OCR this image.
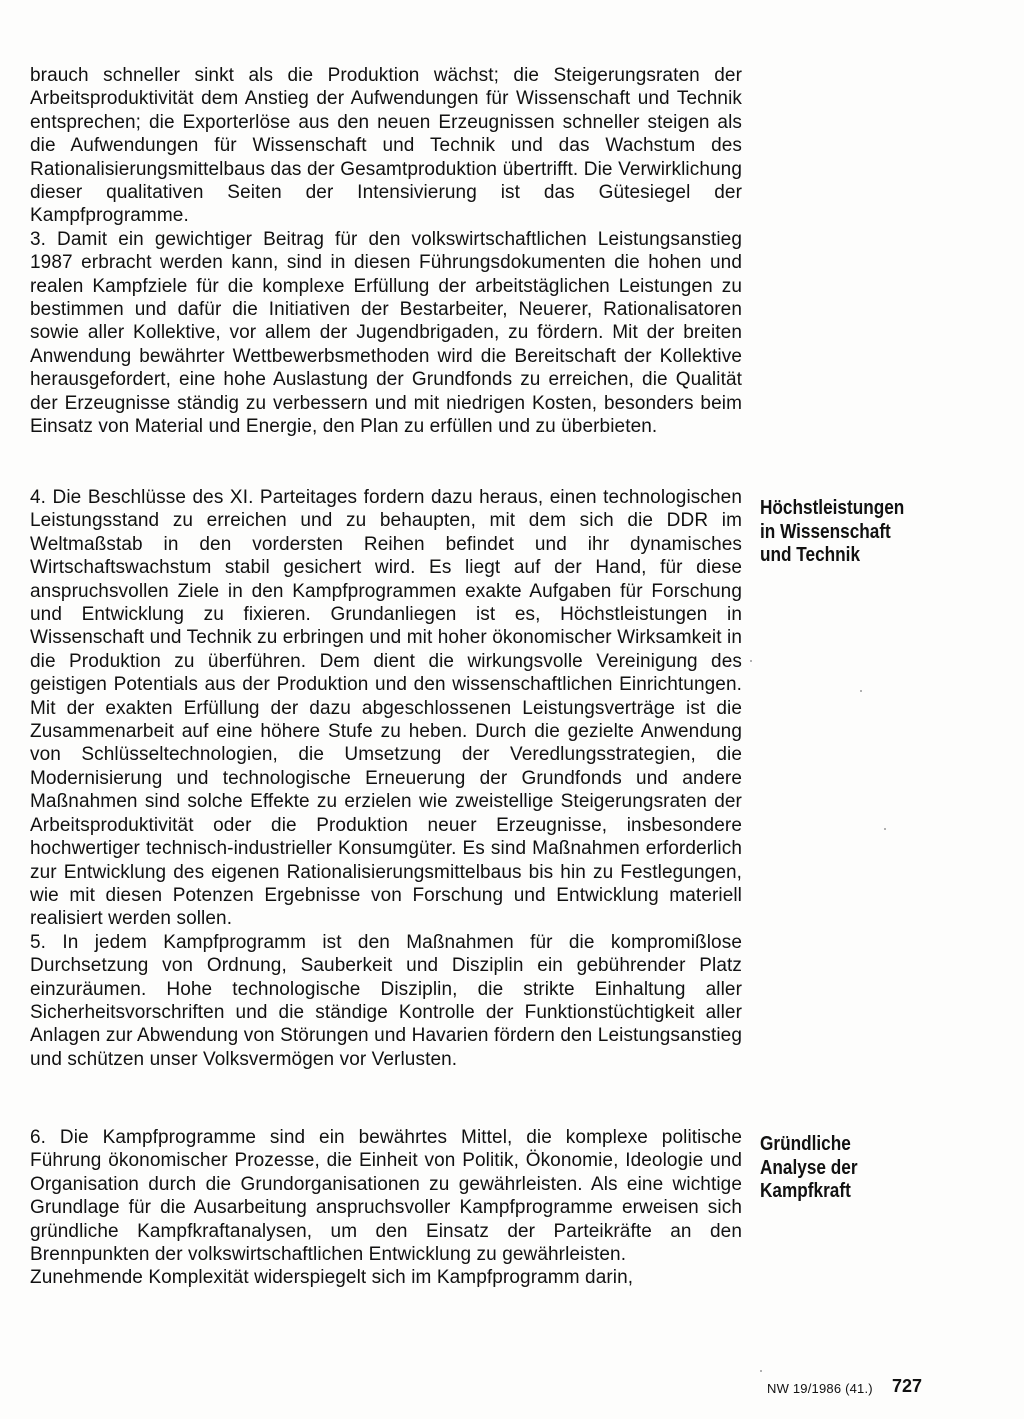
brauch schneller sinkt als die Produktion wächst; die Steigerungsraten der Arbeitsproduktivität dem Anstieg der Aufwendungen für Wissenschaft und Technik entsprechen; die Exporterlöse aus den neuen Erzeugnissen schneller steigen als die Aufwendungen für Wissenschaft und Technik und das Wachstum des Rationalisierungsmittelbaus das der Gesamtproduktion übertrifft. Die Verwirklichung dieser qualitativen Seiten der Intensivierung ist das Gütesiegel der Kampfprogramme.

3. Damit ein gewichtiger Beitrag für den volkswirtschaftlichen Leistungsanstieg 1987 erbracht werden kann, sind in diesen Führungsdokumenten die hohen und realen Kampfziele für die komplexe Erfüllung der arbeitstäglichen Leistungen zu bestimmen und dafür die Initiativen der Bestarbeiter, Neuerer, Rationalisatoren sowie aller Kollektive, vor allem der Jugendbrigaden, zu fördern. Mit der breiten Anwendung bewährter Wettbewerbsmethoden wird die Bereitschaft der Kollektive herausgefordert, eine hohe Auslastung der Grundfonds zu erreichen, die Qualität der Erzeugnisse ständig zu verbessern und mit niedrigen Kosten, besonders beim Einsatz von Material und Energie, den Plan zu erfüllen und zu überbieten.

4. Die Beschlüsse des XI. Parteitages fordern dazu heraus, einen technologischen Leistungsstand zu erreichen und zu behaupten, mit dem sich die DDR im Weltmaßstab in den vordersten Reihen befindet und ihr dynamisches Wirtschaftswachstum stabil gesichert wird. Es liegt auf der Hand, für diese anspruchsvollen Ziele in den Kampfprogrammen exakte Aufgaben für Forschung und Entwicklung zu fixieren. Grundanliegen ist es, Höchstleistungen in Wissenschaft und Technik zu erbringen und mit hoher ökonomischer Wirksamkeit in die Produktion zu überführen. Dem dient die wirkungsvolle Vereinigung des geistigen Potentials aus der Produktion und den wissenschaftlichen Einrichtungen. Mit der exakten Erfüllung der dazu abgeschlossenen Leistungsverträge ist die Zusammenarbeit auf eine höhere Stufe zu heben. Durch die gezielte Anwendung von Schlüsseltechnologien, die Umsetzung der Veredlungsstrategien, die Modernisierung und technologische Erneuerung der Grundfonds und andere Maßnahmen sind solche Effekte zu erzielen wie zweistellige Steigerungsraten der Arbeitsproduktivität oder die Produktion neuer Erzeugnisse, insbesondere hochwertiger technisch-industrieller Konsumgüter. Es sind Maßnahmen erforderlich zur Entwicklung des eigenen Rationalisierungsmittelbaus bis hin zu Festlegungen, wie mit diesen Potenzen Ergebnisse von Forschung und Entwicklung materiell realisiert werden sollen.

5. In jedem Kampfprogramm ist den Maßnahmen für die kompromißlose Durchsetzung von Ordnung, Sauberkeit und Disziplin ein gebührender Platz einzuräumen. Hohe technologische Disziplin, die strikte Einhaltung aller Sicherheitsvorschriften und die ständige Kontrolle der Funktionstüchtigkeit aller Anlagen zur Abwendung von Störungen und Havarien fördern den Leistungsanstieg und schützen unser Volksvermögen vor Verlusten.

6. Die Kampfprogramme sind ein bewährtes Mittel, die komplexe politische Führung ökonomischer Prozesse, die Einheit von Politik, Ökonomie, Ideologie und Organisation durch die Grundorganisationen zu gewährleisten. Als eine wichtige Grundlage für die Ausarbeitung anspruchsvoller Kampfprogramme erweisen sich gründliche Kampfkraftanalysen, um den Einsatz der Parteikräfte an den Brennpunkten der volkswirtschaftlichen Entwicklung zu gewährleisten.

Zunehmende Komplexität widerspiegelt sich im Kampfprogramm darin,

Höchstleistungen
in Wissenschaft
und Technik
Gründliche
Analyse der
Kampfkraft
NW 19/1986 (41.) 727
